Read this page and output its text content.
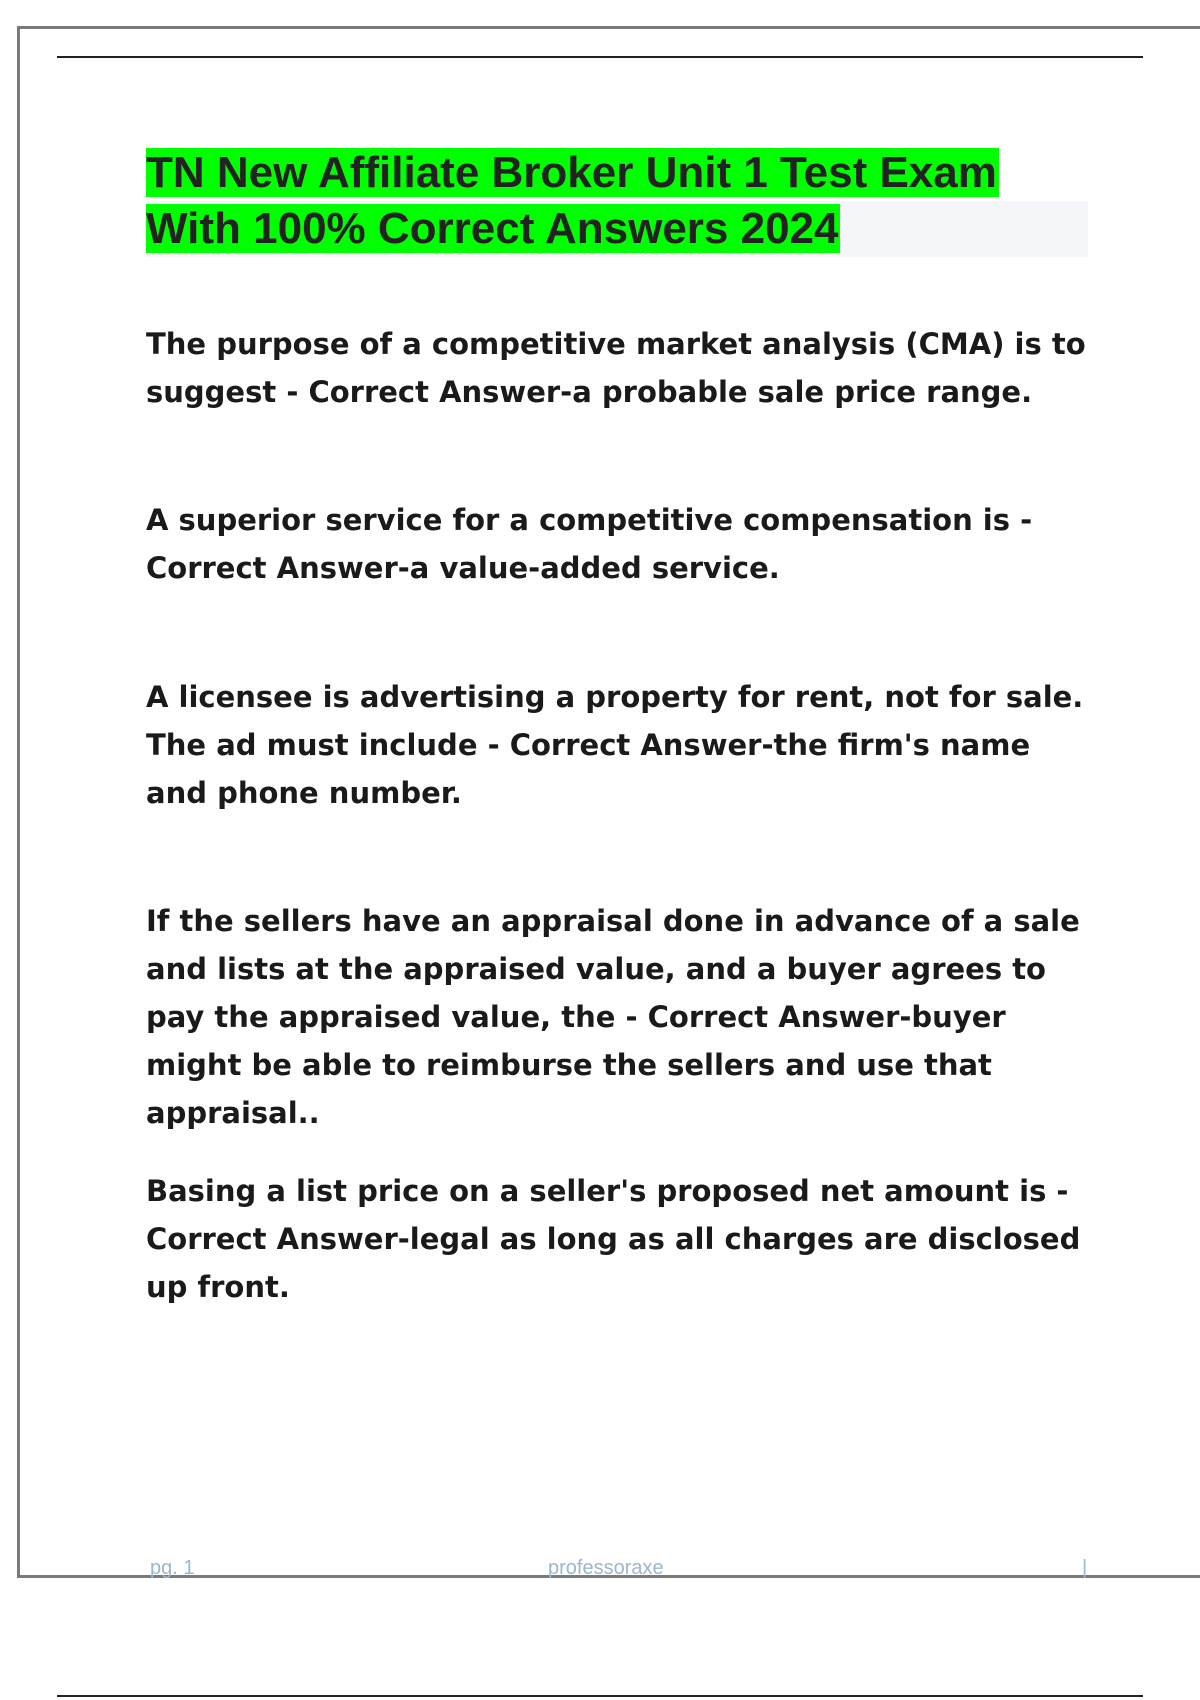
TN New Affiliate Broker Unit 1 Test Exam
With 100% Correct Answers 2024
The purpose of a competitive market analysis (CMA) is to suggest - Correct Answer-a probable sale price range.
A superior service for a competitive compensation is - Correct Answer-a value-added service.
A licensee is advertising a property for rent, not for sale. The ad must include - Correct Answer-the firm's name and phone number.
If the sellers have an appraisal done in advance of a sale and lists at the appraised value, and a buyer agrees to pay the appraised value, the - Correct Answer-buyer might be able to reimburse the sellers and use that appraisal..
Basing a list price on a seller's proposed net amount is - Correct Answer-legal as long as all charges are disclosed up front.
pg. 1	professoraxe	|
